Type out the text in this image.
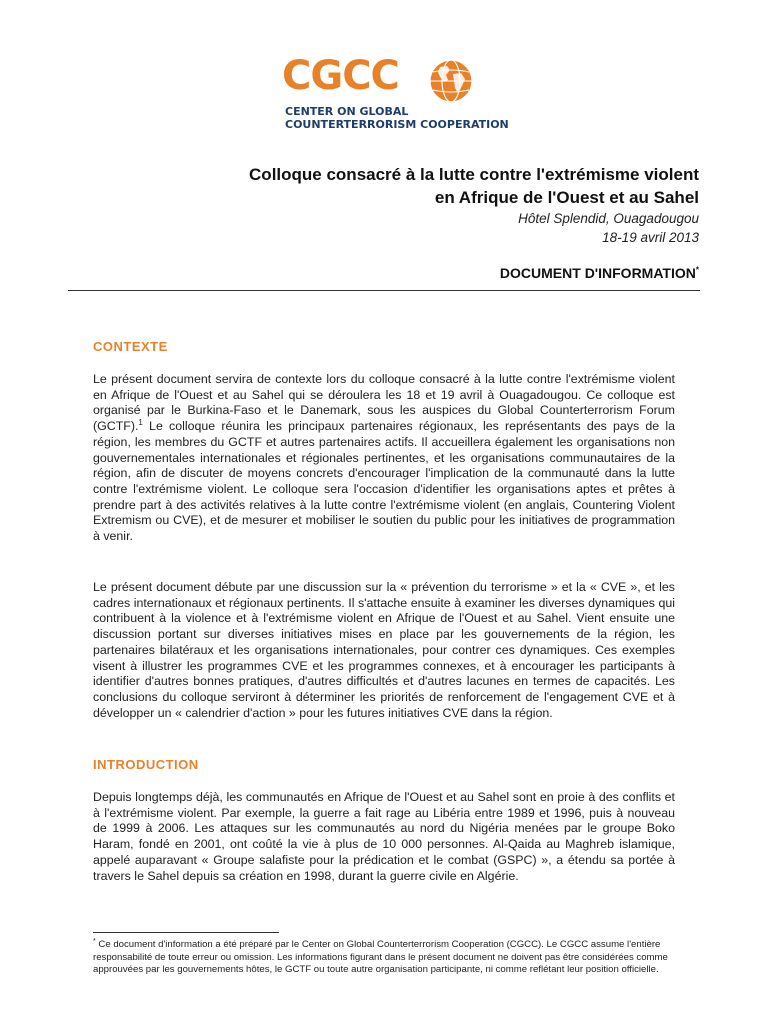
CGCC
CENTER ON GLOBAL
COUNTERTERRORISM COOPERATION
Colloque consacré à la lutte contre l'extrémisme violent
en Afrique de l'Ouest et au Sahel
Hôtel Splendid, Ouagadougou
18-19 avril 2013
DOCUMENT D'INFORMATION*
CONTEXTE

Le présent document servira de contexte lors du colloque consacré à la lutte contre l'extrémisme violent en Afrique de l'Ouest et au Sahel qui se déroulera les 18 et 19 avril à Ouagadougou. Ce colloque est organisé par le Burkina-Faso et le Danemark, sous les auspices du Global Counterterrorism Forum (GCTF).$^1$ Le colloque réunira les principaux partenaires régionaux, les représentants des pays de la région, les membres du GCTF et autres partenaires actifs. Il accueillera également les organisations non gouvernementales internationales et régionales pertinentes, et les organisations communautaires de la région, afin de discuter de moyens concrets d'encourager l'implication de la communauté dans la lutte contre l'extrémisme violent. Le colloque sera l'occasion d'identifier les organisations aptes et prêtes à prendre part à des activités relatives à la lutte contre l'extrémisme violent (en anglais, Countering Violent Extremism ou CVE), et de mesurer et mobiliser le soutien du public pour les initiatives de programmation à venir.

Le présent document débute par une discussion sur la « prévention du terrorisme » et la « CVE », et les cadres internationaux et régionaux pertinents. Il s'attache ensuite à examiner les diverses dynamiques qui contribuent à la violence et à l'extrémisme violent en Afrique de l'Ouest et au Sahel. Vient ensuite une discussion portant sur diverses initiatives mises en place par les gouvernements de la région, les partenaires bilatéraux et les organisations internationales, pour contrer ces dynamiques. Ces exemples visent à illustrer les programmes CVE et les programmes connexes, et à encourager les participants à identifier d'autres bonnes pratiques, d'autres difficultés et d'autres lacunes en termes de capacités. Les conclusions du colloque serviront à déterminer les priorités de renforcement de l'engagement CVE et à développer un « calendrier d'action » pour les futures initiatives CVE dans la région.

INTRODUCTION

Depuis longtemps déjà, les communautés en Afrique de l'Ouest et au Sahel sont en proie à des conflits et à l'extrémisme violent. Par exemple, la guerre a fait rage au Libéria entre 1989 et 1996, puis à nouveau de 1999 à 2006. Les attaques sur les communautés au nord du Nigéria menées par le groupe Boko Haram, fondé en 2001, ont coûté la vie à plus de 10 000 personnes. Al-Qaida au Maghreb islamique, appelé auparavant « Groupe salafiste pour la prédication et le combat (GSPC) », a étendu sa portée à travers le Sahel depuis sa création en 1998, durant la guerre civile en Algérie.

* Ce document d'information a été préparé par le Center on Global Counterterrorism Cooperation (CGCC). Le CGCC assume l'entière responsabilité de toute erreur ou omission. Les informations figurant dans le présent document ne doivent pas être considérées comme approuvées par les gouvernements hôtes, le GCTF ou toute autre organisation participante, ni comme reflétant leur position officielle.
